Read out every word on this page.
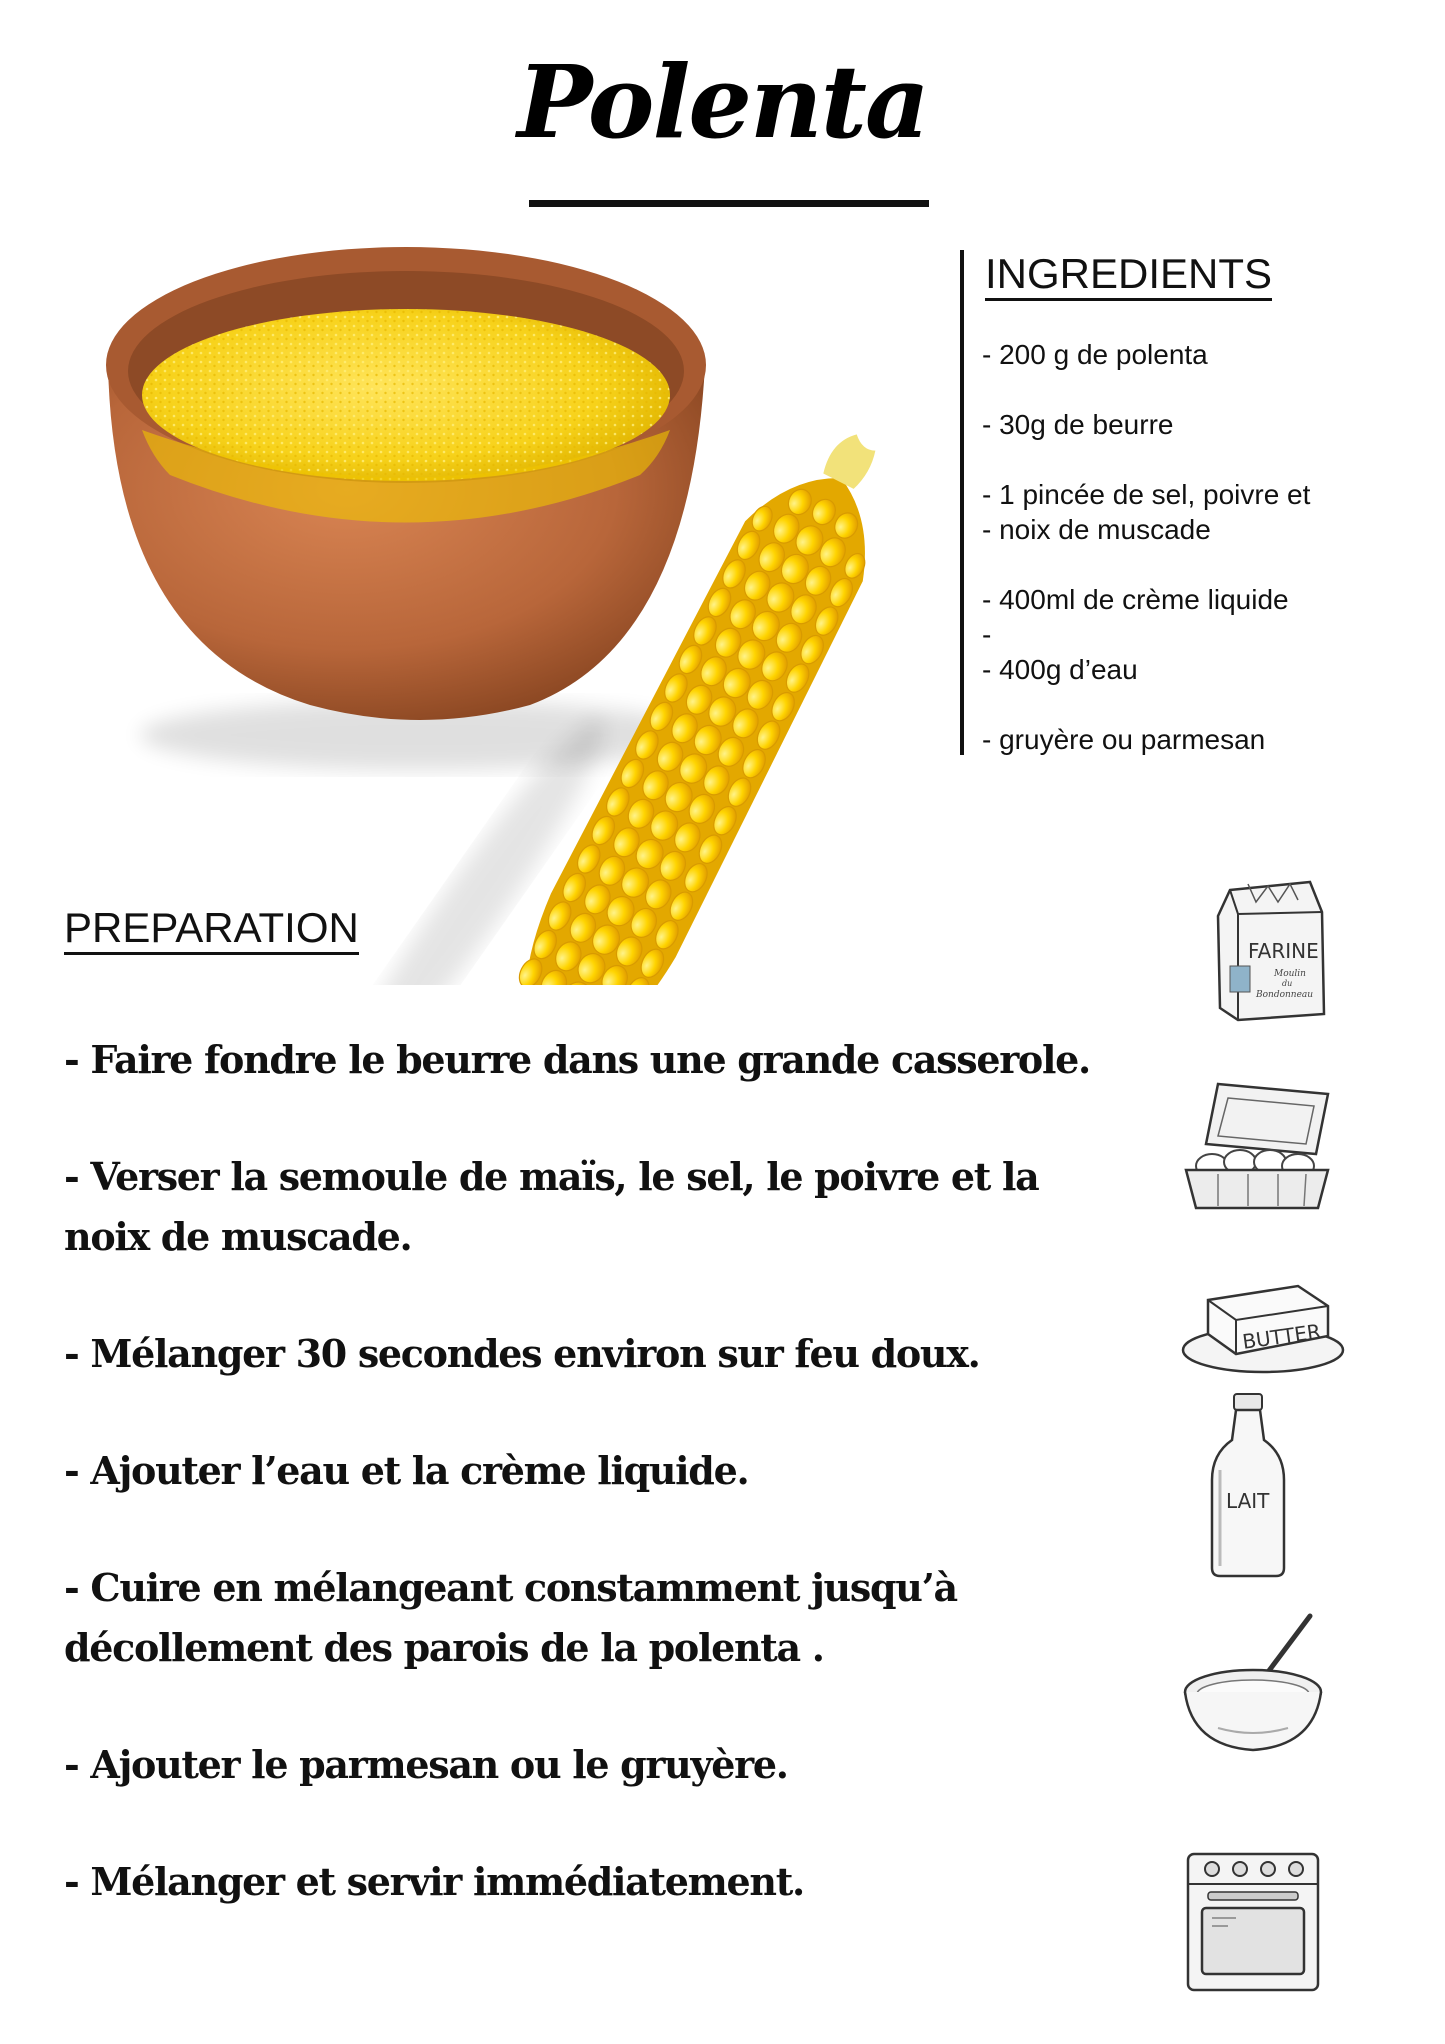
Polenta
INGREDIENTS
- 200 g de polenta
- 30g de beurre
- 1 pincée de sel, poivre et
- noix de muscade
- 400ml de crème liquide
-
- 400g d’eau
- gruyère ou parmesan
PREPARATION
- Faire fondre le beurre dans une grande casserole.
- Verser la semoule de maïs, le sel, le poivre et la noix de muscade.
- Mélanger 30 secondes environ sur feu doux.
- Ajouter l’eau et la crème liquide.
- Cuire en mélangeant constamment jusqu’à décollement des parois de la polenta .
- Ajouter le parmesan ou le gruyère.
- Mélanger et servir immédiatement.
FARINE
Moulin
du
Bondonneau
BUTTER
LAIT
